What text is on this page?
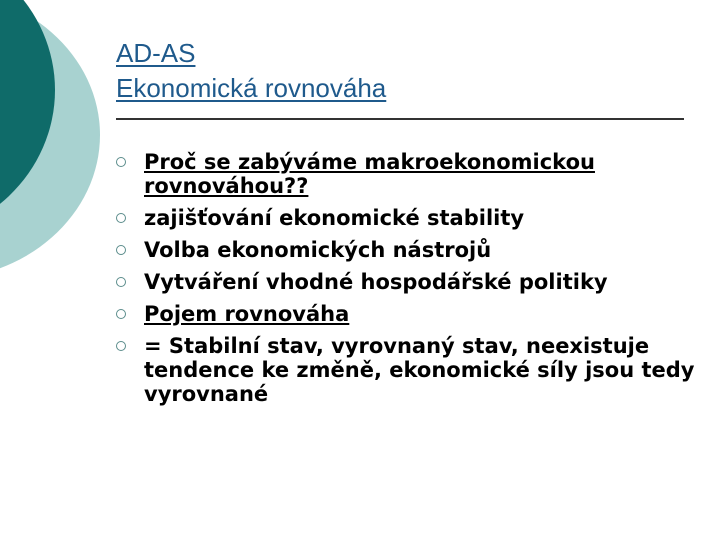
AD-AS
Ekonomická rovnováha
Proč se zabýváme makroekonomickou rovnováhou??
zajišťování ekonomické stability
Volba ekonomických nástrojů
Vytváření vhodné hospodářské politiky
Pojem rovnováha
= Stabilní stav, vyrovnaný stav, neexistuje tendence ke změně, ekonomické síly jsou tedy vyrovnané
